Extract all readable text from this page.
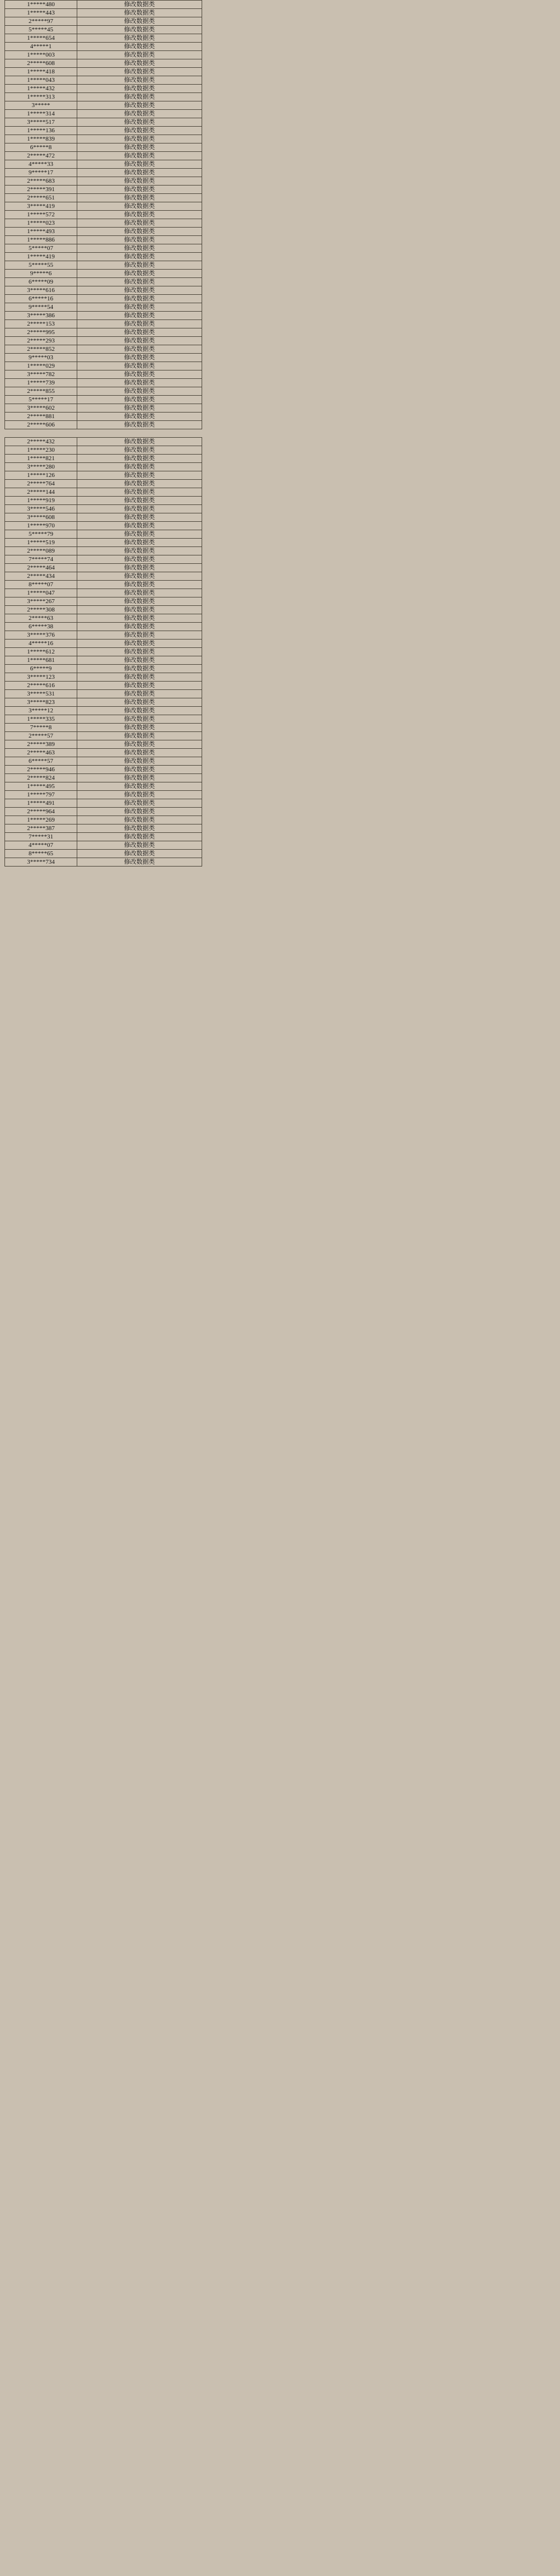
1*****480	修改数据类
1*****443	修改数据类
2*****97	修改数据类
5*****45	修改数据类
1*****654	修改数据类
4*****1	修改数据类
1*****003	修改数据类
2*****608	修改数据类
1*****418	修改数据类
1*****043	修改数据类
1*****432	修改数据类
1*****313	修改数据类
3*****	修改数据类
1*****314	修改数据类
3*****517	修改数据类
1*****136	修改数据类
1*****839	修改数据类
6*****8	修改数据类
2*****472	修改数据类
4*****33	修改数据类
9*****17	修改数据类
2*****683	修改数据类
2*****391	修改数据类
2*****651	修改数据类
3*****419	修改数据类
1*****572	修改数据类
1*****023	修改数据类
1*****493	修改数据类
1*****886	修改数据类
5*****07	修改数据类
1*****419	修改数据类
5*****55	修改数据类
9*****6	修改数据类
6*****09	修改数据类
3*****616	修改数据类
6*****16	修改数据类
9*****54	修改数据类
3*****386	修改数据类
2*****153	修改数据类
2*****995	修改数据类
2*****293	修改数据类
2*****852	修改数据类
9*****03	修改数据类
1*****029	修改数据类
3*****782	修改数据类
1*****739	修改数据类
2*****855	修改数据类
5*****17	修改数据类
3*****602	修改数据类
2*****881	修改数据类
2*****606	修改数据类
2*****432	修改数据类
1*****230	修改数据类
1*****821	修改数据类
3*****280	修改数据类
1*****126	修改数据类
2*****764	修改数据类
2*****144	修改数据类
1*****919	修改数据类
3*****546	修改数据类
3*****608	修改数据类
1*****970	修改数据类
5*****79	修改数据类
1*****519	修改数据类
2*****089	修改数据类
7*****74	修改数据类
2*****464	修改数据类
2*****434	修改数据类
8*****07	修改数据类
1*****047	修改数据类
3*****267	修改数据类
2*****308	修改数据类
2*****63	修改数据类
6*****38	修改数据类
3*****376	修改数据类
4*****16	修改数据类
1*****612	修改数据类
1*****681	修改数据类
6*****9	修改数据类
3*****123	修改数据类
2*****616	修改数据类
3*****531	修改数据类
3*****823	修改数据类
3*****12	修改数据类
1*****335	修改数据类
7*****8	修改数据类
2*****57	修改数据类
2*****389	修改数据类
2*****463	修改数据类
6*****57	修改数据类
2*****946	修改数据类
2*****824	修改数据类
1*****495	修改数据类
1*****797	修改数据类
1*****491	修改数据类
2*****964	修改数据类
1*****269	修改数据类
2*****387	修改数据类
7*****31	修改数据类
4*****07	修改数据类
8*****65	修改数据类
3*****734	修改数据类
